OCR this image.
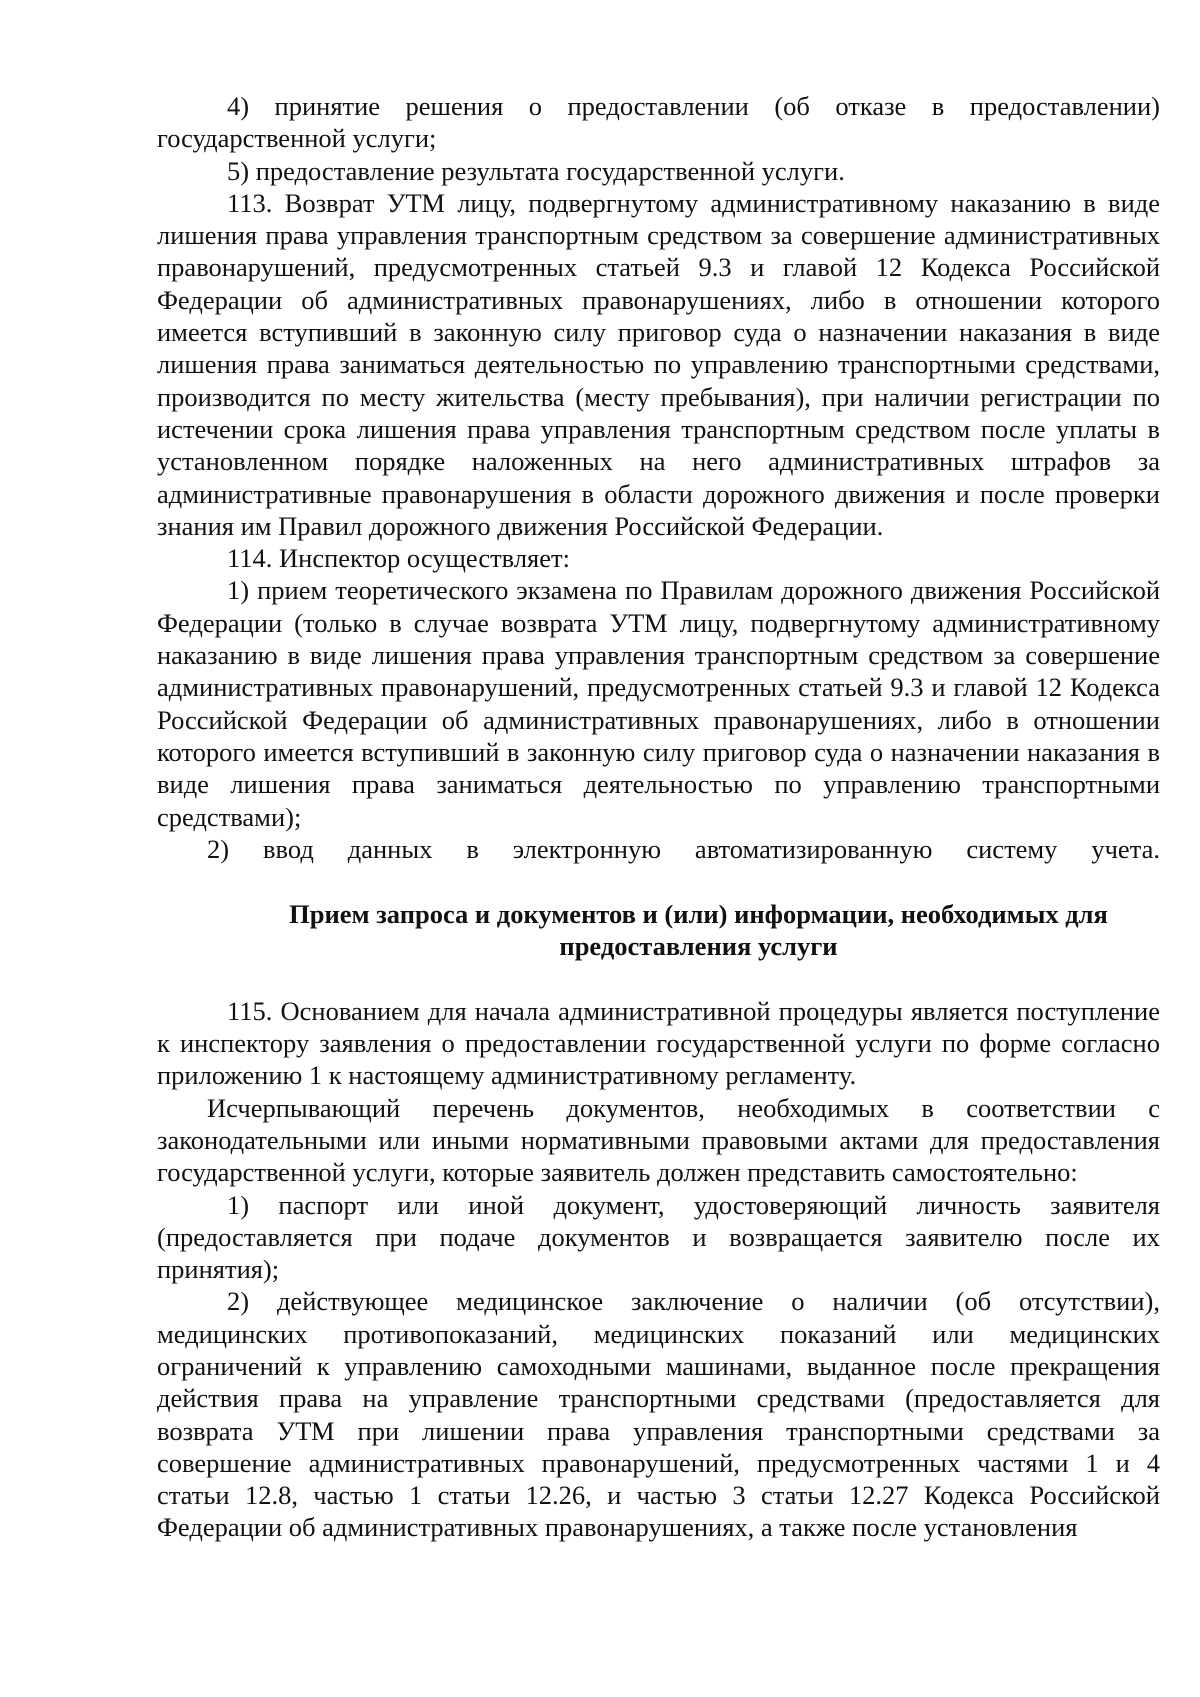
4) принятие решения о предоставлении (об отказе в предоставлении) государственной услуги;

5) предоставление результата государственной услуги.

113. Возврат УТМ лицу, подвергнутому административному наказанию в виде лишения права управления транспортным средством за совершение административных правонарушений, предусмотренных статьей 9.3 и главой 12 Кодекса Российской Федерации об административных правонарушениях, либо в отношении которого имеется вступивший в законную силу приговор суда о назначении наказания в виде лишения права заниматься деятельностью по управлению транспортными средствами, производится по месту жительства (месту пребывания), при наличии регистрации по истечении срока лишения права управления транспортным средством после уплаты в установленном порядке наложенных на него административных штрафов за административные правонарушения в области дорожного движения и после проверки знания им Правил дорожного движения Российской Федерации.

114. Инспектор осуществляет:

1) прием теоретического экзамена по Правилам дорожного движения Российской Федерации (только в случае возврата УТМ лицу, подвергнутому административному наказанию в виде лишения права управления транспортным средством за совершение административных правонарушений, предусмотренных статьей 9.3 и главой 12 Кодекса Российской Федерации об административных правонарушениях, либо в отношении которого имеется вступивший в законную силу приговор суда о назначении наказания в виде лишения права заниматься деятельностью по управлению транспортными средствами);

2) ввод данных в электронную автоматизированную систему учета.

Прием запроса и документов и (или) информации, необходимых для
предоставления услуги

115. Основанием для начала административной процедуры является поступление к инспектору заявления о предоставлении государственной услуги по форме согласно приложению 1 к настоящему административному регламенту.

Исчерпывающий перечень документов, необходимых в соответствии с законодательными или иными нормативными правовыми актами для предоставления государственной услуги, которые заявитель должен представить самостоятельно:

1) паспорт или иной документ, удостоверяющий личность заявителя (предоставляется при подаче документов и возвращается заявителю после их принятия);

2) действующее медицинское заключение о наличии (об отсутствии), медицинских противопоказаний, медицинских показаний или медицинских ограничений к управлению самоходными машинами, выданное после прекращения действия права на управление транспортными средствами (предоставляется для возврата УТМ при лишении права управления транспортными средствами за совершение административных правонарушений, предусмотренных частями 1 и 4 статьи 12.8, частью 1 статьи 12.26, и частью 3 статьи 12.27 Кодекса Российской Федерации об административных правонарушениях, а также после установления
